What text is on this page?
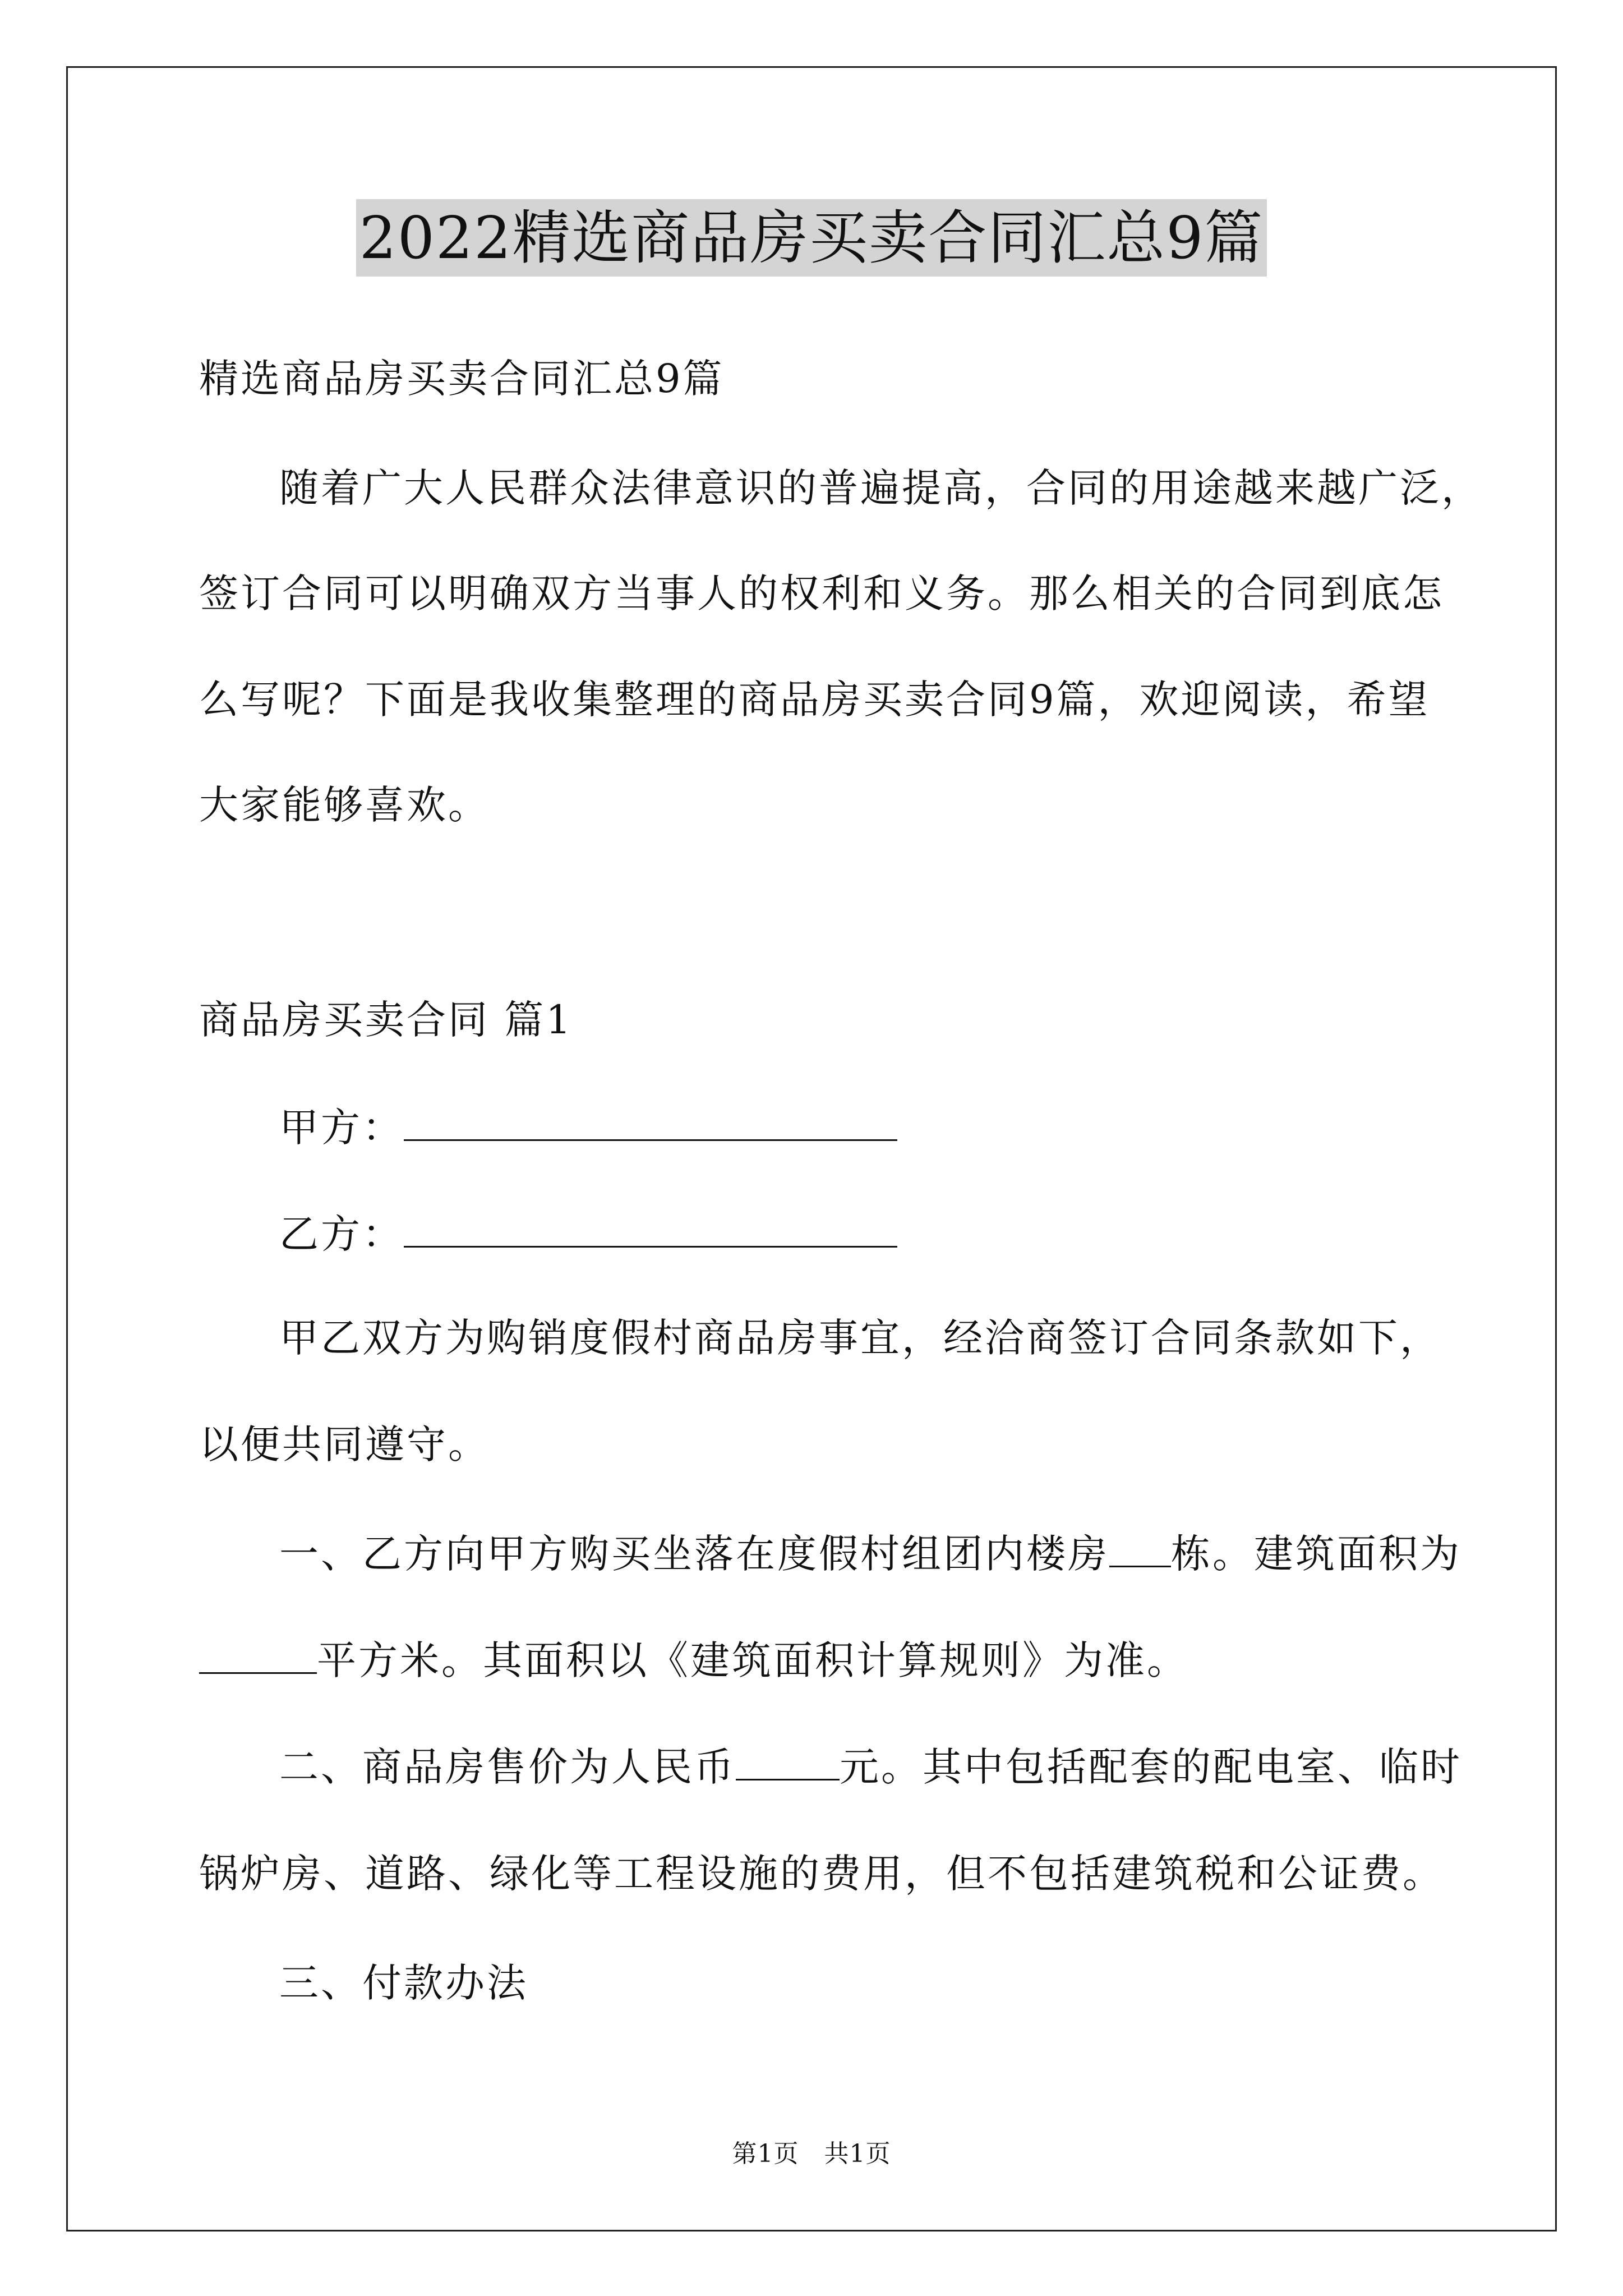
2022精选商品房买卖合同汇总9篇
精选商品房买卖合同汇总9篇
随着广大人民群众法律意识的普遍提高，合同的用途越来越广泛，
签订合同可以明确双方当事人的权利和义务。那么相关的合同到底怎
么写呢？下面是我收集整理的商品房买卖合同9篇，欢迎阅读，希望
大家能够喜欢。
商品房买卖合同 篇1
甲方：
乙方：
甲乙双方为购销度假村商品房事宜，经洽商签订合同条款如下，
以便共同遵守。
一、乙方向甲方购买坐落在度假村组团内楼房 栋。建筑面积为
平方米。其面积以《建筑面积计算规则》为准。
二、商品房售价为人民币	元。其中包括配套的配电室、临时
锅炉房、道路、绿化等工程设施的费用，但不包括建筑税和公证费。
三、付款办法
第1页　共1页
